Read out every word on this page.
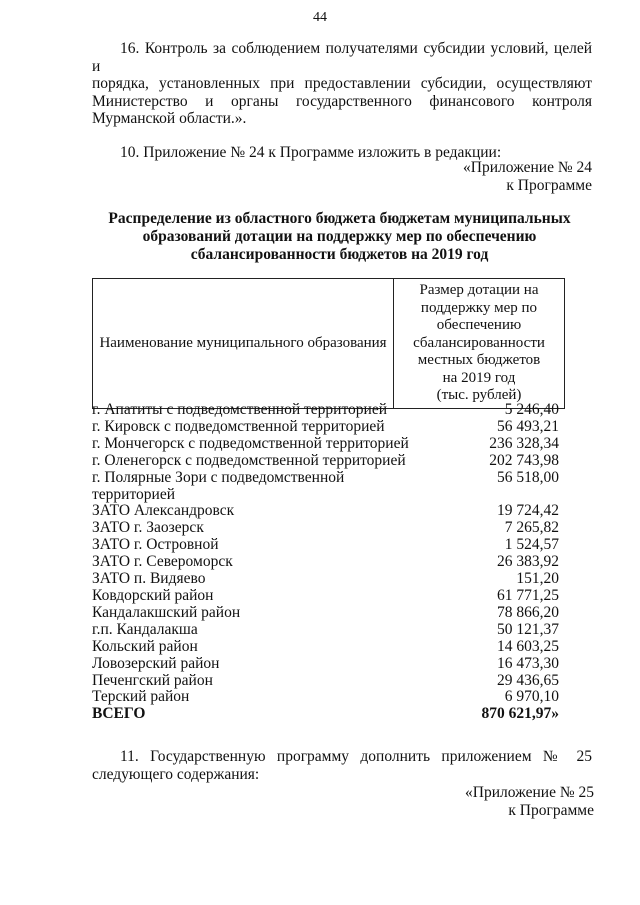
44
16. Контроль за соблюдением получателями субсидии условий, целей и
порядка, установленных при предоставлении субсидии, осуществляют
Министерство и органы государственного финансового контроля
Мурманской области.».
10. Приложение № 24 к Программе изложить в редакции:
«Приложение № 24
к Программе
Распределение из областного бюджета бюджетам муниципальных
образований дотации на поддержку мер по обеспечению
сбалансированности бюджетов на 2019 год
Наименование муниципального образования	
Размер дотации на
поддержку мер по
обеспечению
сбалансированности
местных бюджетов
на 2019 год
(тыс. рублей)
г. Апатиты с подведомственной территорией	5 246,40
г. Кировск с подведомственной территорией	56 493,21
г. Мончегорск с подведомственной территорией	236 328,34
г. Оленегорск с подведомственной территорией	202 743,98
г. Полярные Зори с подведомственной	56 518,00
территорией
ЗАТО Александровск	19 724,42
ЗАТО г. Заозерск	7 265,82
ЗАТО г. Островной	1 524,57
ЗАТО г. Североморск	26 383,92
ЗАТО п. Видяево	151,20
Ковдорский район	61 771,25
Кандалакшский район	78 866,20
г.п. Кандалакша	50 121,37
Кольский район	14 603,25
Ловозерский район	16 473,30
Печенгский район	29 436,65
Терский район	6 970,10
ВСЕГО	870 621,97»
11. Государственную программу дополнить приложением № 25
следующего содержания:
«Приложение № 25
к Программе
